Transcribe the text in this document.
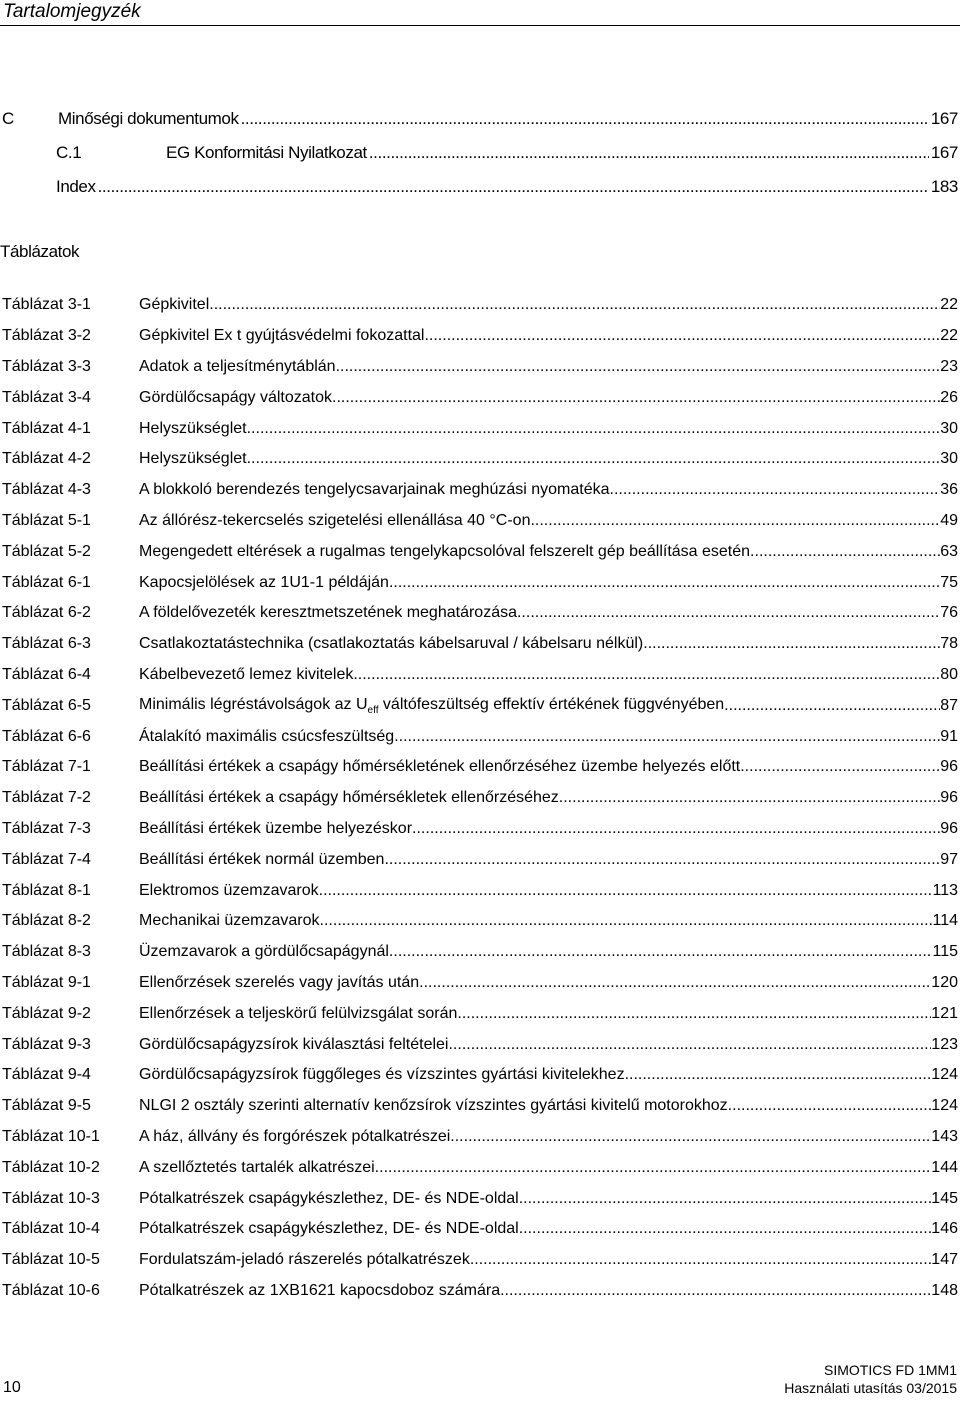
Tartalomjegyzék
C	Minőségi dokumentumok .....	167
C.1	EG Konformitási Nyilatkozat .....	167
Index .....	183
Táblázatok
Táblázat 3-1	Gépkivitel .....	22
Táblázat 3-2	Gépkivitel Ex t gyújtásvédelmi fokozattal .....	22
Táblázat 3-3	Adatok a teljesítménytáblán .....	23
Táblázat 3-4	Gördülőcsapágy változatok .....	26
Táblázat 4-1	Helyszükséglet .....	30
Táblázat 4-2	Helyszükséglet .....	30
Táblázat 4-3	A blokkoló berendezés tengelycsavarjainak meghúzási nyomatéka .....	36
Táblázat 5-1	Az állórész-tekercselés szigetelési ellenállása 40 °C-on .....	49
Táblázat 5-2	Megengedett eltérések a rugalmas tengelykapcsolóval felszerelt gép beállítása esetén .....	63
Táblázat 6-1	Kapocsjelölések az 1U1-1 példáján .....	75
Táblázat 6-2	A földelővezeték keresztmetszetének meghatározása .....	76
Táblázat 6-3	Csatlakoztatástechnika (csatlakoztatás kábelsaruval / kábelsaru nélkül) .....	78
Táblázat 6-4	Kábelbevezető lemez kivitelek .....	80
Táblázat 6-5	Minimális légréstávolságok az $U_{eff}$ váltófeszültség effektív értékének függvényében .....	87
Táblázat 6-6	Átalakító maximális csúcsfeszültség .....	91
Táblázat 7-1	Beállítási értékek a csapágy hőmérsékletének ellenőrzéséhez üzembe helyezés előtt. .....	96
Táblázat 7-2	Beállítási értékek a csapágy hőmérsékletek ellenőrzéséhez .....	96
Táblázat 7-3	Beállítási értékek üzembe helyezéskor .....	96
Táblázat 7-4	Beállítási értékek normál üzemben .....	97
Táblázat 8-1	Elektromos üzemzavarok .....	113
Táblázat 8-2	Mechanikai üzemzavarok .....	114
Táblázat 8-3	Üzemzavarok a gördülőcsapágynál .....	115
Táblázat 9-1	Ellenőrzések szerelés vagy javítás után .....	120
Táblázat 9-2	Ellenőrzések a teljeskörű felülvizsgálat során .....	121
Táblázat 9-3	Gördülőcsapágyzsírok kiválasztási feltételei .....	123
Táblázat 9-4	Gördülőcsapágyzsírok függőleges és vízszintes gyártási kivitelekhez .....	124
Táblázat 9-5	NLGI 2 osztály szerinti alternatív kenőzsírok vízszintes gyártási kivitelű motorokhoz .....	124
Táblázat 10-1	A ház, állvány és forgórészek pótalkatrészei .....	143
Táblázat 10-2	A szellőztetés tartalék alkatrészei .....	144
Táblázat 10-3	Pótalkatrészek csapágykészlethez, DE- és NDE-oldal .....	145
Táblázat 10-4	Pótalkatrészek csapágykészlethez, DE- és NDE-oldal .....	146
Táblázat 10-5	Fordulatszám-jeladó rászerelés pótalkatrészek .....	147
Táblázat 10-6	Pótalkatrészek az 1XB1621 kapocsdoboz számára .....	148
10
SIMOTICS FD 1MM1
Használati utasítás 03/2015
